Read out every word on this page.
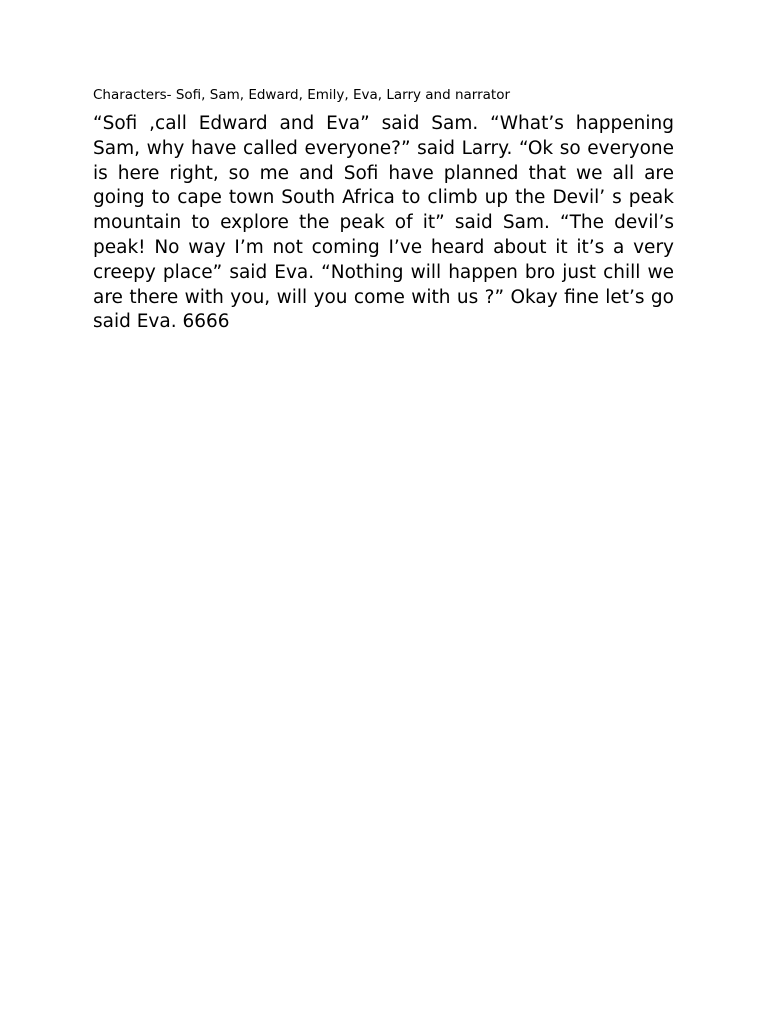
Characters- Sofi, Sam, Edward, Emily, Eva, Larry and narrator
“Sofi ,call Edward and Eva” said Sam. “What’s happening Sam, why have called everyone?” said Larry. “Ok so everyone is here right, so me and Sofi have planned that we all are going to cape town South Africa to climb up the Devil’ s peak mountain to explore the peak of it” said Sam. “The devil’s peak! No way I’m not coming I’ve heard about it it’s a very creepy place” said Eva. “Nothing will happen bro just chill we are there with you, will you come with us ?” Okay fine let’s go said Eva. 6666
